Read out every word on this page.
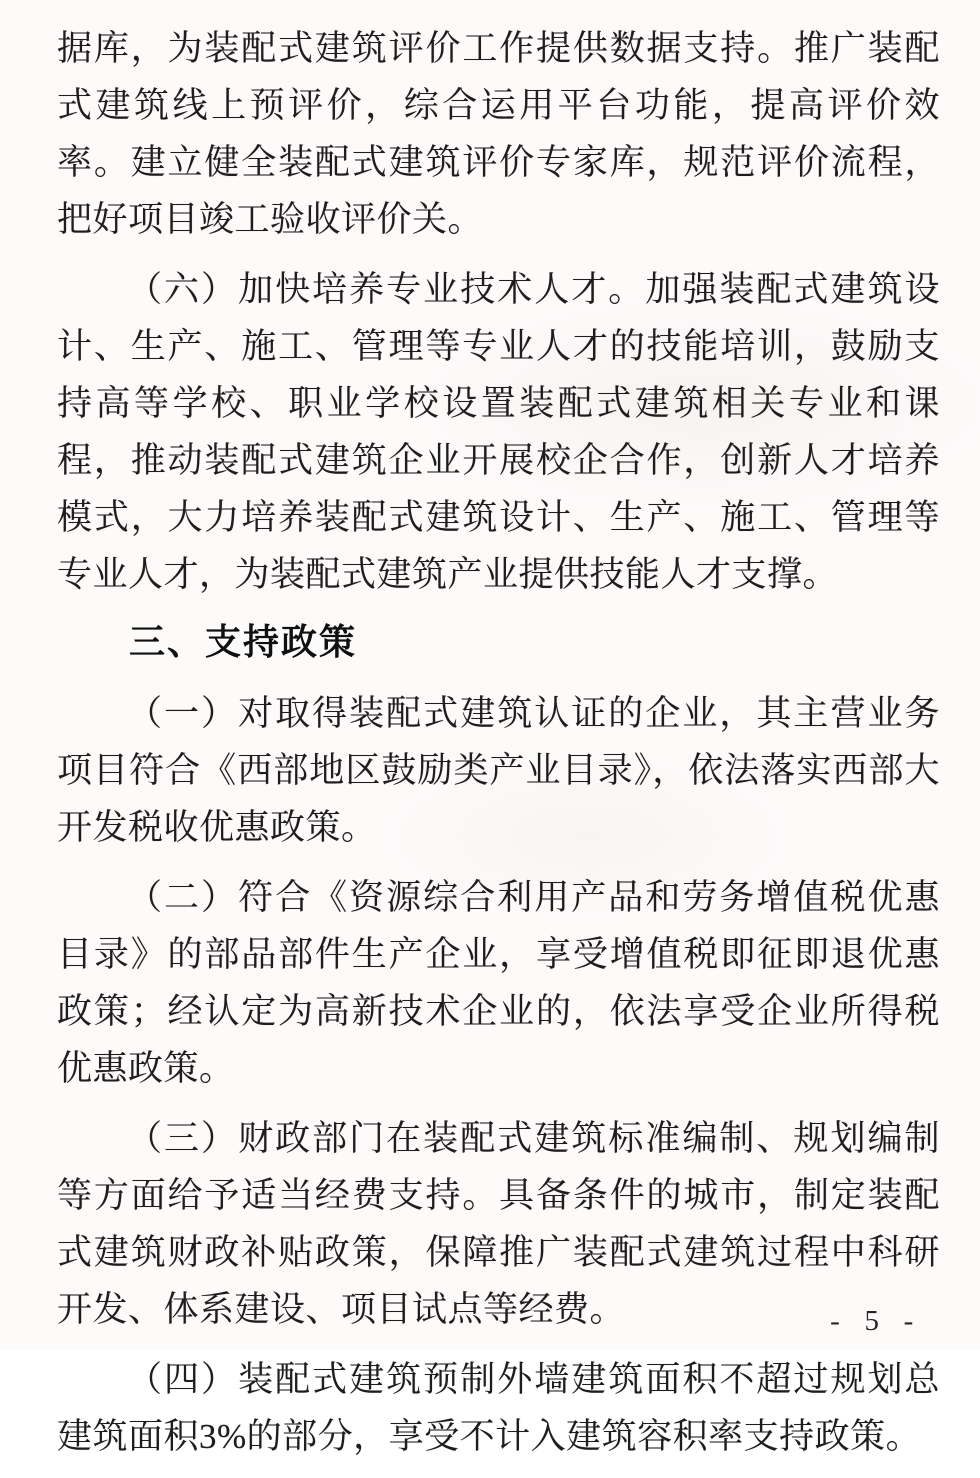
据库，为装配式建筑评价工作提供数据支持。推广装配式建筑线上预评价，综合运用平台功能，提高评价效率。建立健全装配式建筑评价专家库，规范评价流程，把好项目竣工验收评价关。

（六）加快培养专业技术人才。加强装配式建筑设计、生产、施工、管理等专业人才的技能培训，鼓励支持高等学校、职业学校设置装配式建筑相关专业和课程，推动装配式建筑企业开展校企合作，创新人才培养模式，大力培养装配式建筑设计、生产、施工、管理等专业人才，为装配式建筑产业提供技能人才支撑。

三、支持政策

（一）对取得装配式建筑认证的企业，其主营业务项目符合《西部地区鼓励类产业目录》，依法落实西部大开发税收优惠政策。

（二）符合《资源综合利用产品和劳务增值税优惠目录》的部品部件生产企业，享受增值税即征即退优惠政策；经认定为高新技术企业的，依法享受企业所得税优惠政策。

（三）财政部门在装配式建筑标准编制、规划编制等方面给予适当经费支持。具备条件的城市，制定装配式建筑财政补贴政策，保障推广装配式建筑过程中科研开发、体系建设、项目试点等经费。

（四）装配式建筑预制外墙建筑面积不超过规划总建筑面积3%的部分，享受不计入建筑容积率支持政策。

- 5 -
